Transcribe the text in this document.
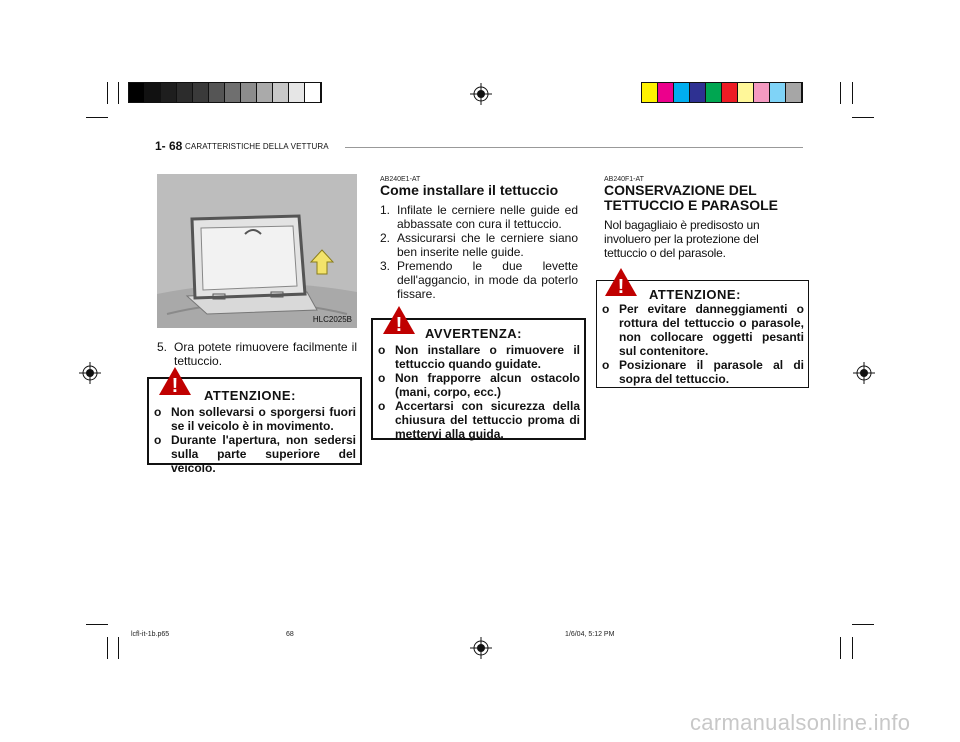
1- 68 CARATTERISTICHE DELLA VETTURA
HLC2025B
5. Ora potete rimuovere facilmente il tettuccio.
ATTENZIONE:
o Non sollevarsi o sporgersi fuori se il veicolo è in movimento.
o Durante l'apertura, non sedersi sulla parte superiore del veicolo.
!
AB240E1-AT
Come installare il tettuccio
1. Infilate le cerniere nelle guide ed abbassate con cura il tettuccio.
2. Assicurarsi che le cerniere siano ben inserite nelle guide.
3. Premendo le due levette dell'aggancio, in mode da poterlo fissare.
AVVERTENZA:
o Non installare o rimuovere il tettuccio quando guidate.
o Non frapporre alcun ostacolo (mani, corpo, ecc.)
o Accertarsi con sicurezza della chiusura del tettuccio proma di mettervi alla guida.
!
AB240F1-AT
CONSERVAZIONE DEL
TETTUCCIO E PARASOLE
Nol bagagliaio è predisosto un involuero per la protezione del tettuccio o del parasole.
ATTENZIONE:
o Per evitare danneggiamenti o rottura del tettuccio o parasole, non collocare oggetti pesanti sul contenitore.
o Posizionare il parasole al di sopra del tettuccio.
!
lcfl-it-1b.p65	68	1/6/04, 5:12 PM
carmanualsonline.info
